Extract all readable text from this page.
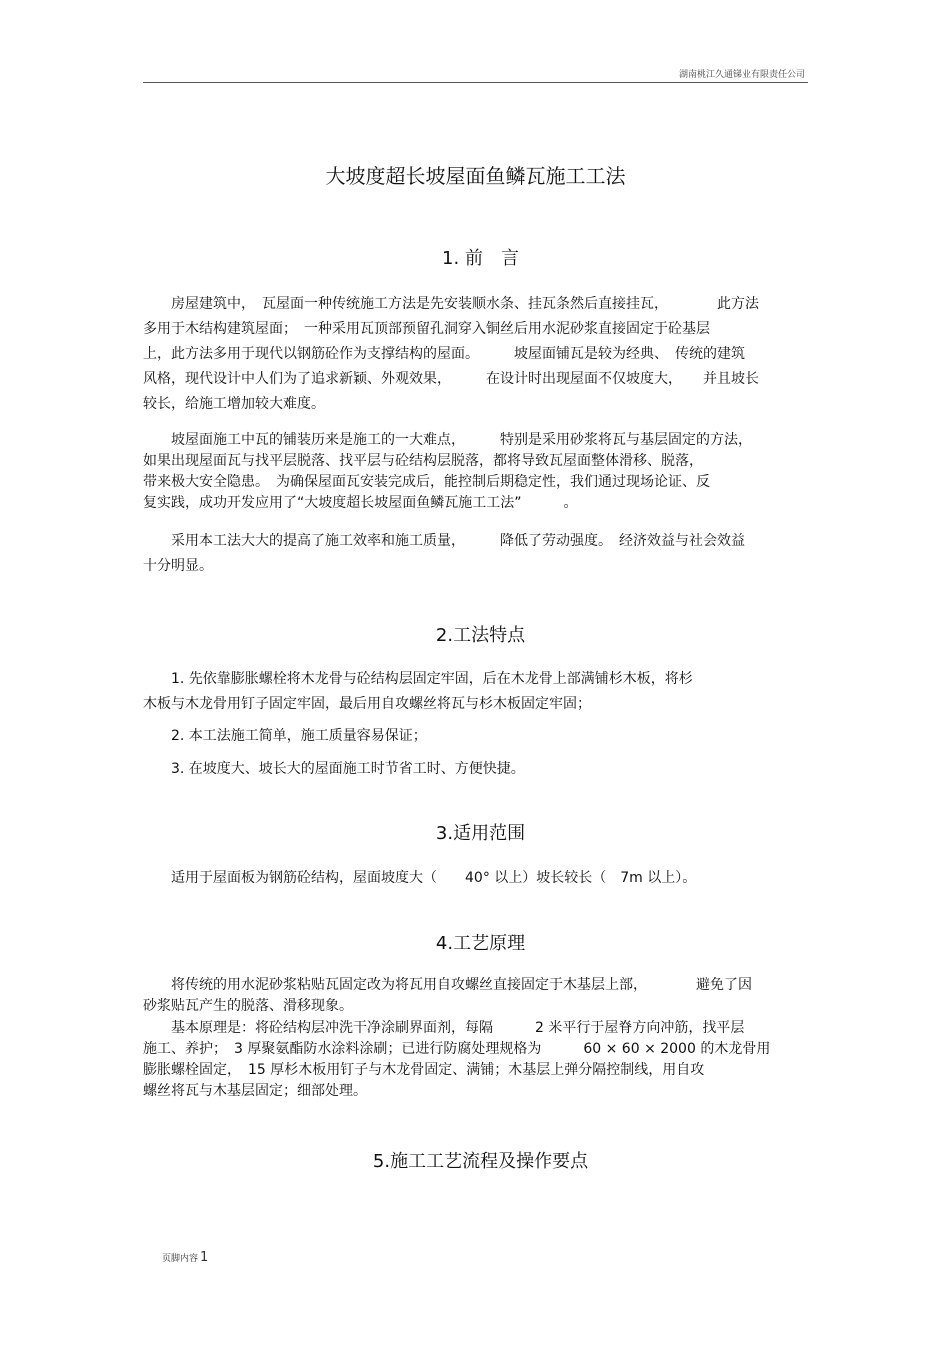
湖南桃江久通锑业有限责任公司
大坡度超长坡屋面鱼鳞瓦施工工法
1. 前　言
　　房屋建筑中，　瓦屋面一种传统施工方法是先安装顺水条、挂瓦条然后直接挂瓦，　　　　此方法
多用于木结构建筑屋面；　一种采用瓦顶部预留孔洞穿入铜丝后用水泥砂浆直接固定于砼基层
上，此方法多用于现代以钢筋砼作为支撑结构的屋面。　　　坡屋面铺瓦是较为经典、　传统的建筑
风格，现代设计中人们为了追求新颖、外观效果，　　　在设计时出现屋面不仅坡度大，　　并且坡长
较长，给施工增加较大难度。
　　坡屋面施工中瓦的铺装历来是施工的一大难点，　　　特别是采用砂浆将瓦与基层固定的方法，
如果出现屋面瓦与找平层脱落、找平层与砼结构层脱落，都将导致瓦屋面整体滑移、脱落，
带来极大安全隐患。　为确保屋面瓦安装完成后，能控制后期稳定性，我们通过现场论证、反
复实践，成功开发应用了“大坡度超长坡屋面鱼鳞瓦施工工法”　　　。
　　采用本工法大大的提高了施工效率和施工质量，　　　降低了劳动强度。　经济效益与社会效益
十分明显。
2.工法特点
　　1. 先依靠膨胀螺栓将木龙骨与砼结构层固定牢固，后在木龙骨上部满铺杉木板，将杉
木板与木龙骨用钉子固定牢固，最后用自攻螺丝将瓦与杉木板固定牢固；
　　2. 本工法施工简单，施工质量容易保证；
　　3. 在坡度大、坡长大的屋面施工时节省工时、方便快捷。
3.适用范围
　　适用于屋面板为钢筋砼结构，屋面坡度大（　　40° 以上）坡长较长（　7m 以上）。
4.工艺原理
　　将传统的用水泥砂浆粘贴瓦固定改为将瓦用自攻螺丝直接固定于木基层上部，　　　　避免了因
砂浆贴瓦产生的脱落、滑移现象。
　　基本原理是：将砼结构层冲洗干净涂刷界面剂，每隔　　　2 米平行于屋脊方向冲筋，找平层
施工、养护；　3 厚聚氨酯防水涂料涂刷；已进行防腐处理规格为　　　60 × 60 × 2000 的木龙骨用
膨胀螺栓固定，　15 厚杉木板用钉子与木龙骨固定、满铺；木基层上弹分隔控制线，用自攻
螺丝将瓦与木基层固定；细部处理。
5.施工工艺流程及操作要点
页脚内容 1
